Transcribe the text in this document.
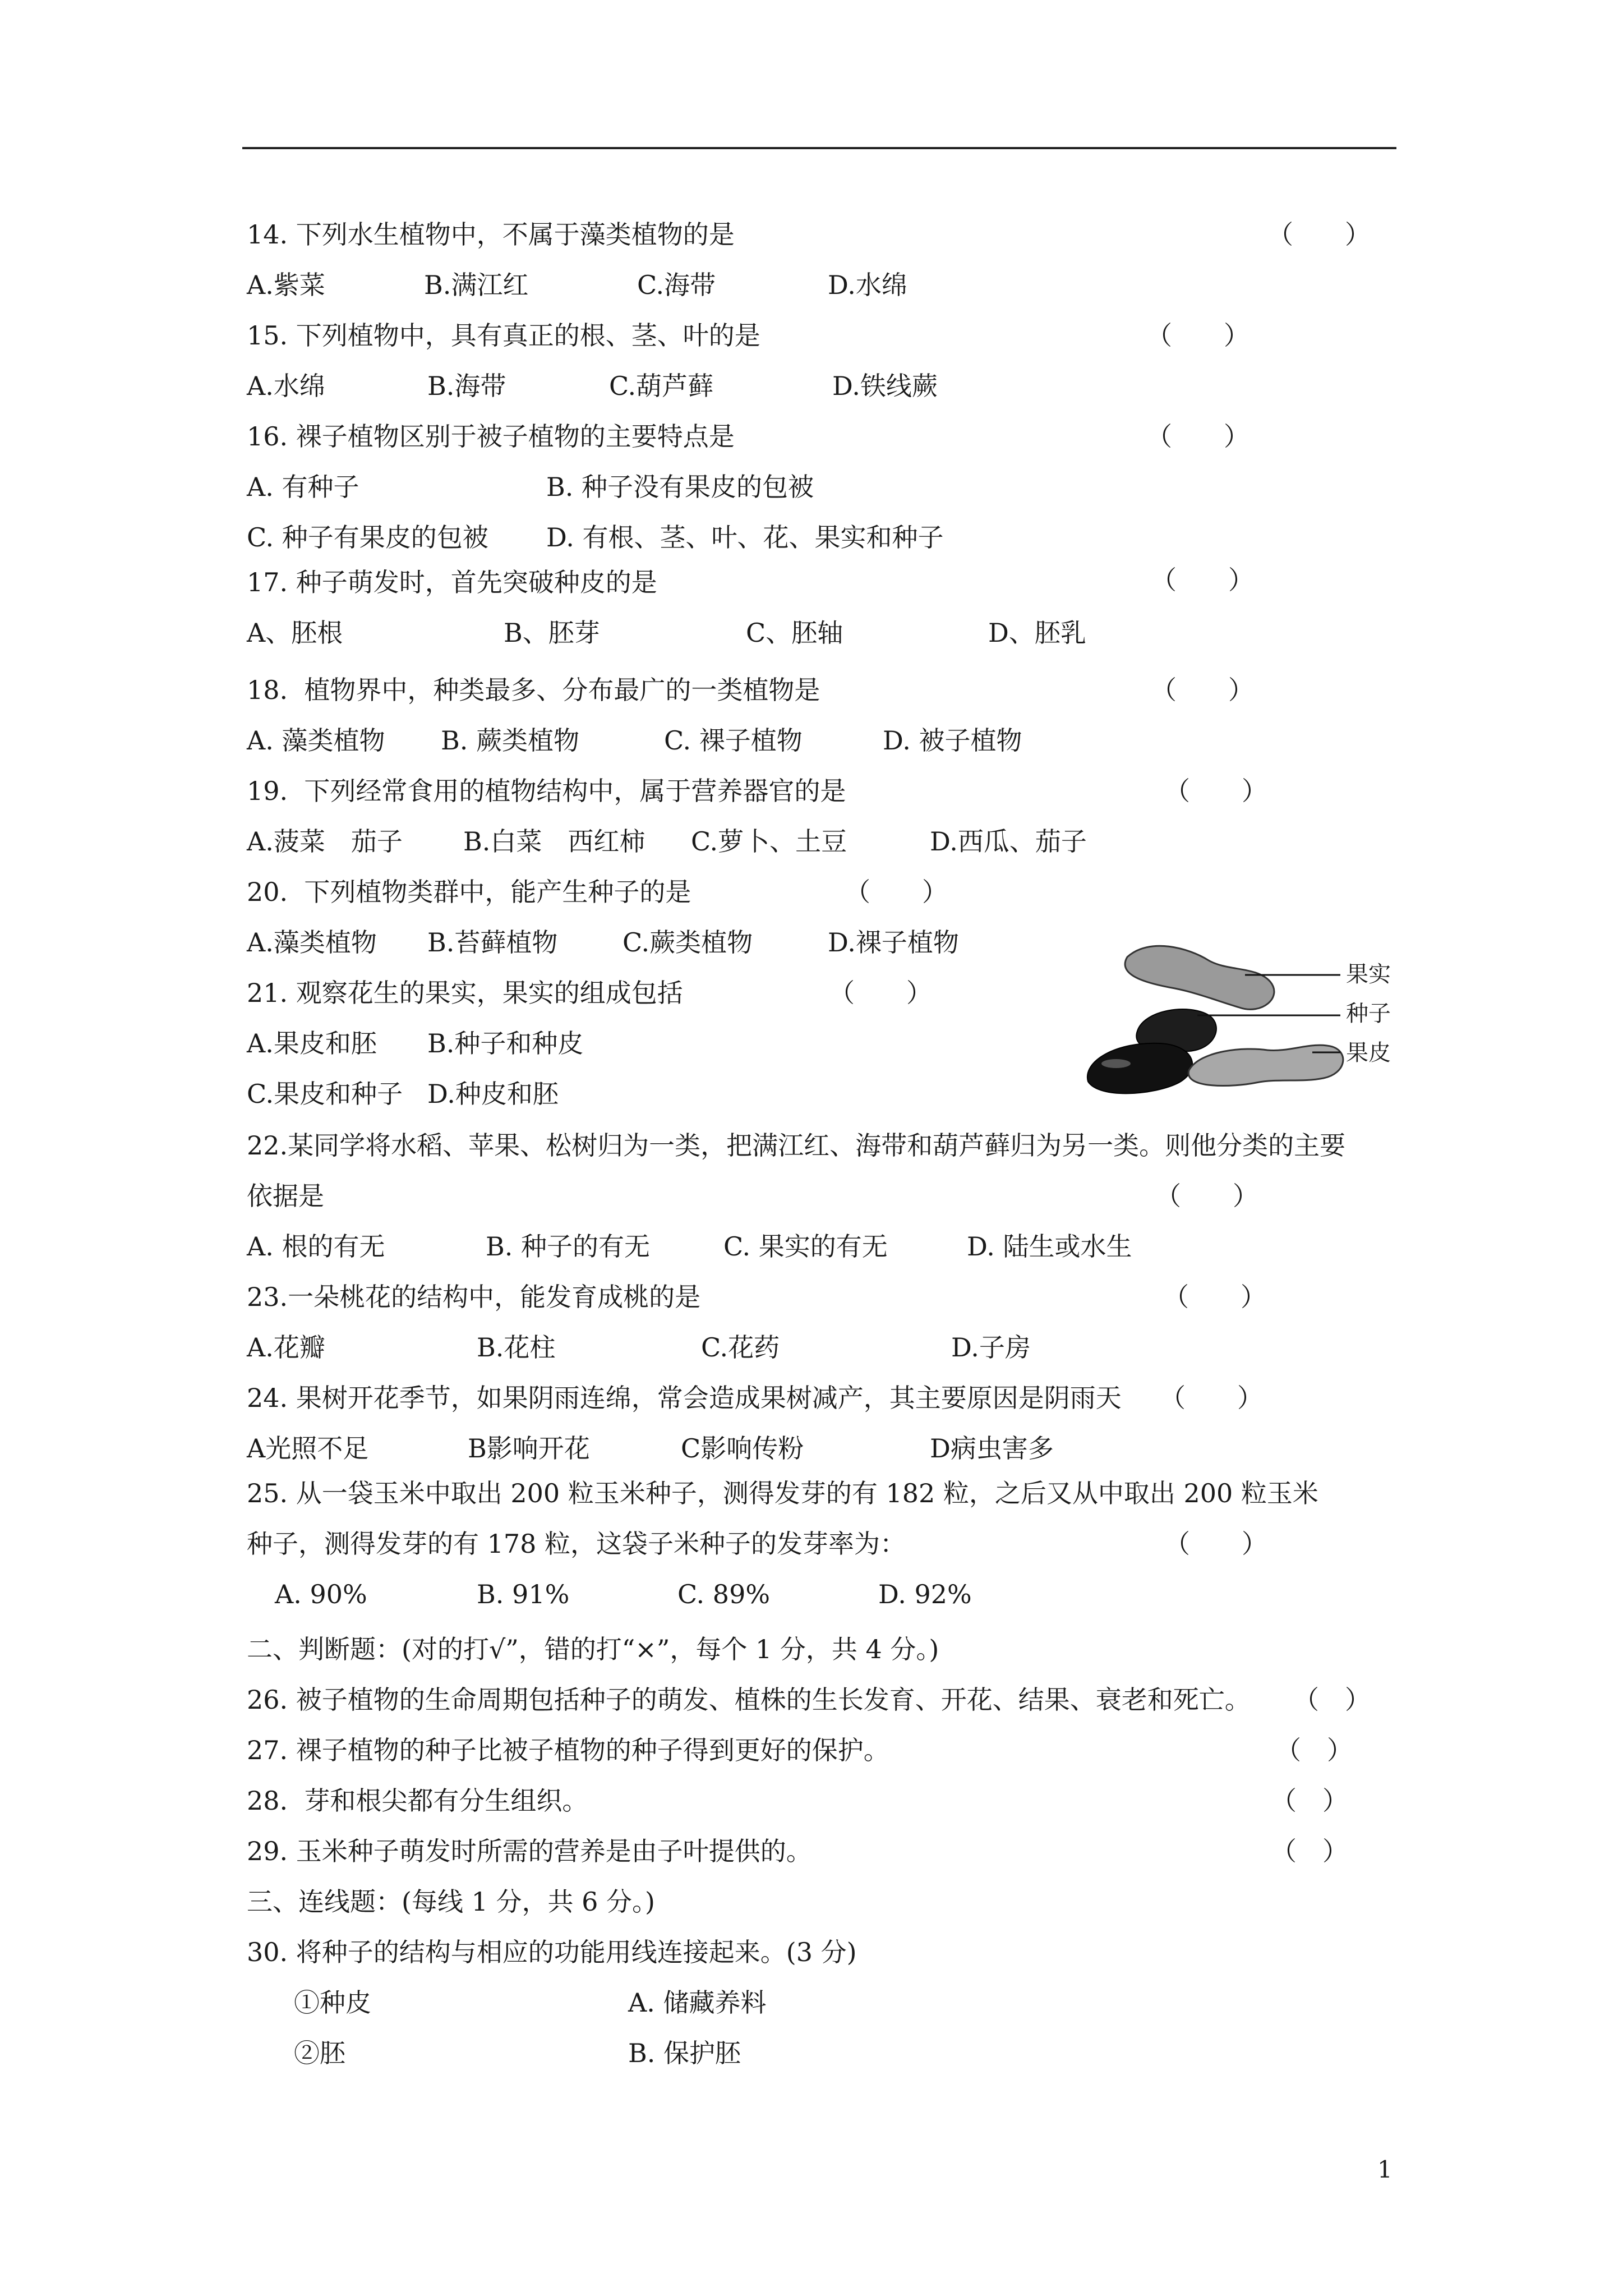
14. 下列水生植物中，不属于藻类植物的是	（　　）
A.紫菜	B.满江红	C.海带	D.水绵
15. 下列植物中，具有真正的根、茎、叶的是	（　　）
A.水绵	B.海带	C.葫芦藓	D.铁线蕨
16. 裸子植物区别于被子植物的主要特点是	（　　）
A. 有种子	B. 种子没有果皮的包被
C. 种子有果皮的包被 D. 有根、茎、叶、花、果实和种子
17. 种子萌发时，首先突破种皮的是	（　　）
A、胚根	B、胚芽	C、胚轴	D、胚乳
18.  植物界中，种类最多、分布最广的一类植物是	（　　）
A. 藻类植物 B. 蕨类植物	C. 裸子植物	D. 被子植物
19.  下列经常食用的植物结构中，属于营养器官的是	（　　）
A.菠菜　茄子 B.白菜　西红柿 C.萝卜、土豆	D.西瓜、茄子
20.  下列植物类群中，能产生种子的是	（　　）
A.藻类植物 B.苔藓植物	C.蕨类植物	D.裸子植物
21. 观察花生的果实，果实的组成包括	（　　）
A.果皮和胚 B.种子和种皮
C.果皮和种子 D.种皮和胚
果实
种子
果皮
22.某同学将水稻、苹果、松树归为一类，把满江红、海带和葫芦藓归为另一类。则他分类的主要
依据是	（　　）
A. 根的有无	B. 种子的有无	C. 果实的有无	D. 陆生或水生
23.一朵桃花的结构中，能发育成桃的是	（　　）
A.花瓣	B.花柱	C.花药	D.子房
24. 果树开花季节，如果阴雨连绵，常会造成果树减产，其主要原因是阴雨天 （　　）
A光照不足	B影响开花	C影响传粉	D病虫害多
25. 从一袋玉米中取出 200 粒玉米种子，测得发芽的有 182 粒，之后又从中取出 200 粒玉米
种子，测得发芽的有 178 粒，这袋子米种子的发芽率为：	（　　）
A. 90%	B. 91%	C. 89%	D. 92%
二、判断题：(对的打√”，错的打“×”，每个 1 分，共 4 分。)
26. 被子植物的生命周期包括种子的萌发、植株的生长发育、开花、结果、衰老和死亡。 （　）
27. 裸子植物的种子比被子植物的种子得到更好的保护。	（　）
28.  芽和根尖都有分生组织。	（　）
29. 玉米种子萌发时所需的营养是由子叶提供的。	（　）
三、连线题：(每线 1 分，共 6 分。)
30. 将种子的结构与相应的功能用线连接起来。(3 分)
①种皮	A. 储藏养料
②胚	B. 保护胚
1
